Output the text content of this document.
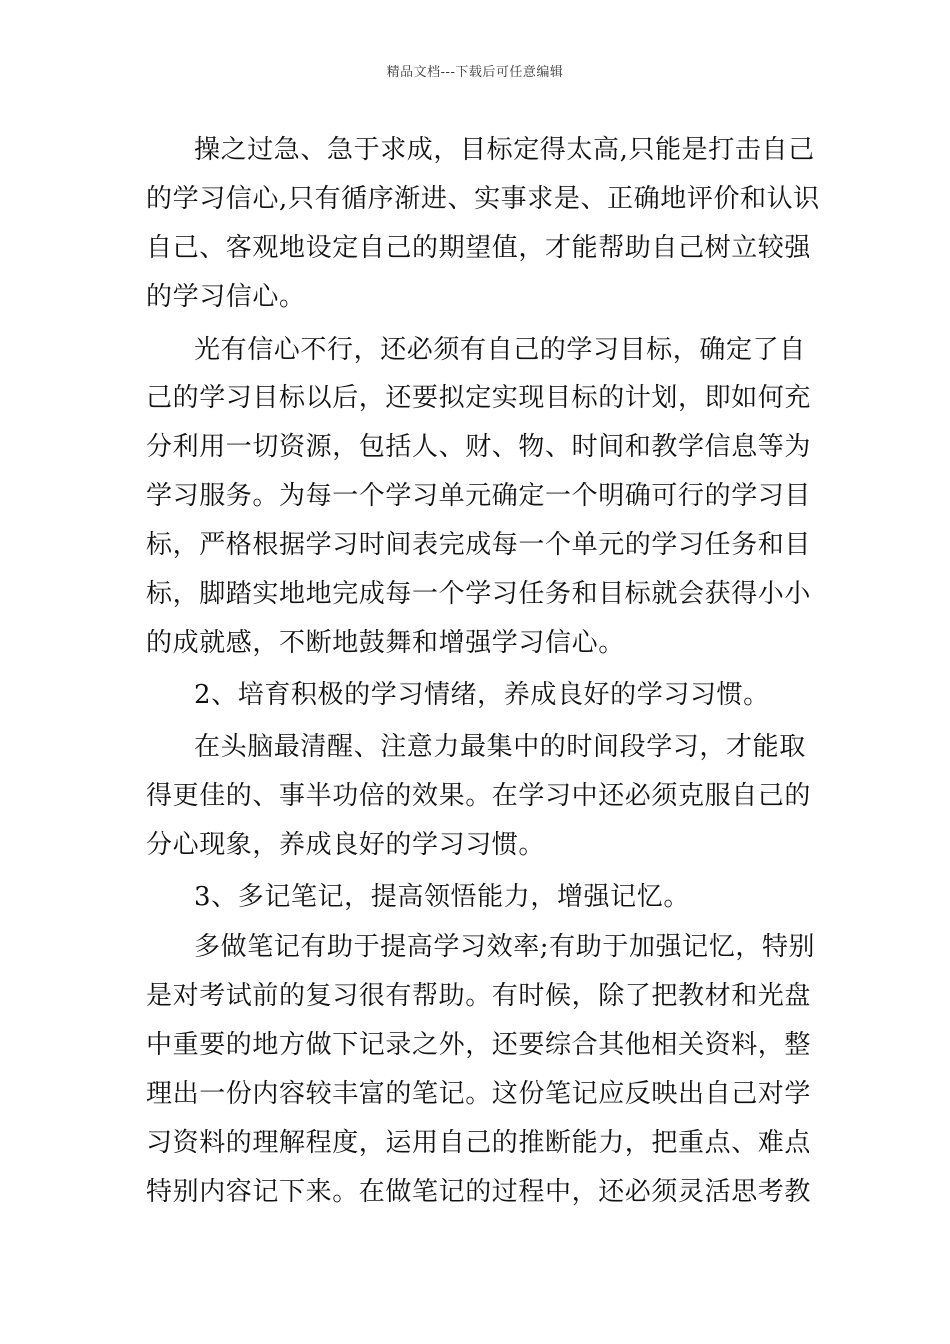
精品文档---下载后可任意编辑
操之过急、急于求成，目标定得太高,只能是打击自己
的学习信心,只有循序渐进、实事求是、正确地评价和认识
自己、客观地设定自己的期望值，才能帮助自己树立较强
的学习信心。
光有信心不行，还必须有自己的学习目标，确定了自
己的学习目标以后，还要拟定实现目标的计划，即如何充
分利用一切资源，包括人、财、物、时间和教学信息等为
学习服务。为每一个学习单元确定一个明确可行的学习目
标，严格根据学习时间表完成每一个单元的学习任务和目
标，脚踏实地地完成每一个学习任务和目标就会获得小小
的成就感，不断地鼓舞和增强学习信心。
2、培育积极的学习情绪，养成良好的学习习惯。
在头脑最清醒、注意力最集中的时间段学习，才能取
得更佳的、事半功倍的效果。在学习中还必须克服自己的
分心现象，养成良好的学习习惯。
3、多记笔记，提高领悟能力，增强记忆。
多做笔记有助于提高学习效率;有助于加强记忆，特别
是对考试前的复习很有帮助。有时候，除了把教材和光盘
中重要的地方做下记录之外，还要综合其他相关资料，整
理出一份内容较丰富的笔记。这份笔记应反映出自己对学
习资料的理解程度，运用自己的推断能力，把重点、难点
特别内容记下来。在做笔记的过程中，还必须灵活思考教
